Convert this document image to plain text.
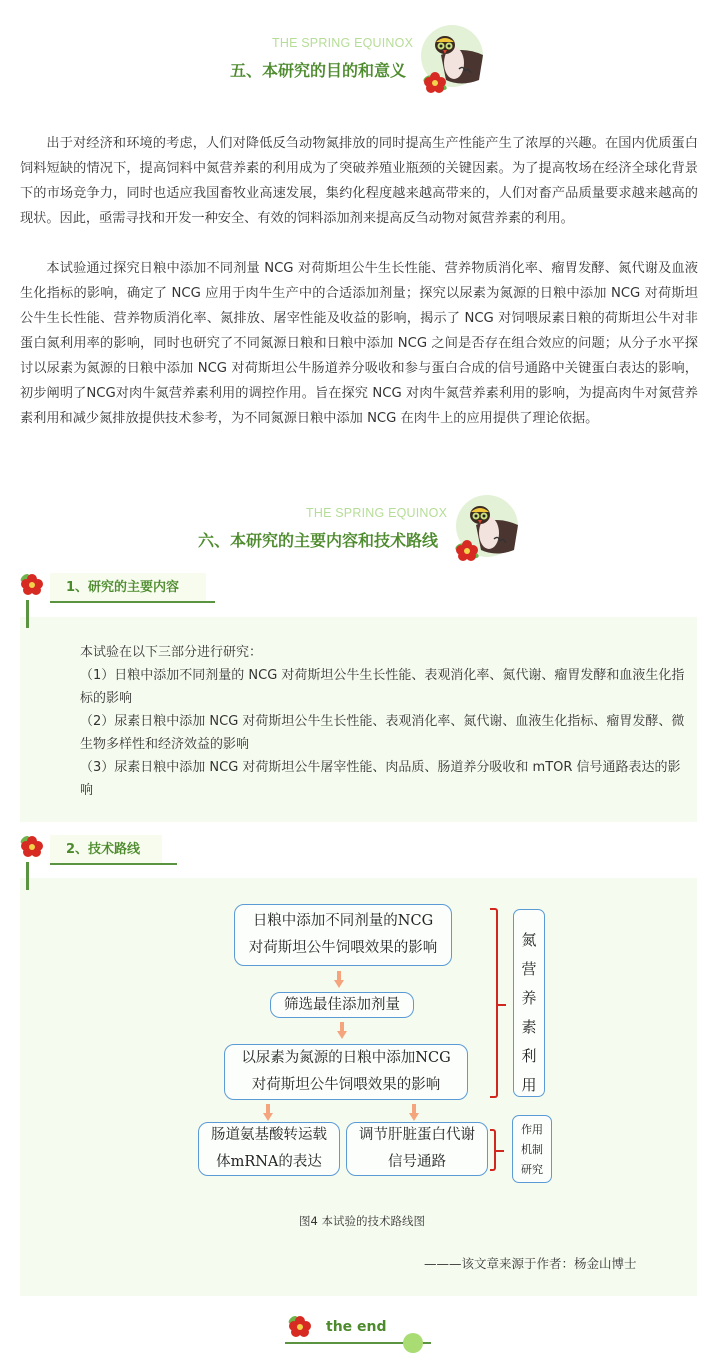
THE SPRING EQUINOX
五、本研究的目的和意义

出于对经济和环境的考虑，人们对降低反刍动物氮排放的同时提高生产性能产生了浓厚的兴趣。在国内优质蛋白饲料短缺的情况下，提高饲料中氮营养素的利用成为了突破养殖业瓶颈的关键因素。为了提高牧场在经济全球化背景下的市场竞争力，同时也适应我国畜牧业高速发展，集约化程度越来越高带来的，人们对畜产品质量要求越来越高的现状。因此，亟需寻找和开发一种安全、有效的饲料添加剂来提高反刍动物对氮营养素的利用。

本试验通过探究日粮中添加不同剂量 NCG 对荷斯坦公牛生长性能、营养物质消化率、瘤胃发酵、氮代谢及血液生化指标的影响，确定了 NCG 应用于肉牛生产中的合适添加剂量；探究以尿素为氮源的日粮中添加 NCG 对荷斯坦公牛生长性能、营养物质消化率、氮排放、屠宰性能及收益的影响，揭示了 NCG 对饲喂尿素日粮的荷斯坦公牛对非蛋白氮利用率的影响，同时也研究了不同氮源日粮和日粮中添加 NCG 之间是否存在组合效应的问题；从分子水平探讨以尿素为氮源的日粮中添加 NCG 对荷斯坦公牛肠道养分吸收和参与蛋白合成的信号通路中关键蛋白表达的影响，初步阐明了NCG对肉牛氮营养素利用的调控作用。旨在探究 NCG 对肉牛氮营养素利用的影响，为提高肉牛对氮营养素利用和减少氮排放提供技术参考，为不同氮源日粮中添加 NCG 在肉牛上的应用提供了理论依据。

THE SPRING EQUINOX
六、本研究的主要内容和技术路线
1、研究的主要内容
本试验在以下三部分进行研究：
（1）日粮中添加不同剂量的 NCG 对荷斯坦公牛生长性能、表观消化率、氮代谢、瘤胃发酵和血液生化指标的影响
（2）尿素日粮中添加 NCG 对荷斯坦公牛生长性能、表观消化率、氮代谢、血液生化指标、瘤胃发酵、微生物多样性和经济效益的影响
（3）尿素日粮中添加 NCG 对荷斯坦公牛屠宰性能、肉品质、肠道养分吸收和 mTOR 信号通路表达的影响
2、技术路线
日粮中添加不同剂量的NCG
对荷斯坦公牛饲喂效果的影响
筛选最佳添加剂量
以尿素为氮源的日粮中添加NCG
对荷斯坦公牛饲喂效果的影响
肠道氨基酸转运载
体mRNA的表达
调节肝脏蛋白代谢
信号通路
氮
营
养
素
利
用
作用
机制
研究
图4 本试验的技术路线图
———该文章来源于作者：杨金山博士
the end
